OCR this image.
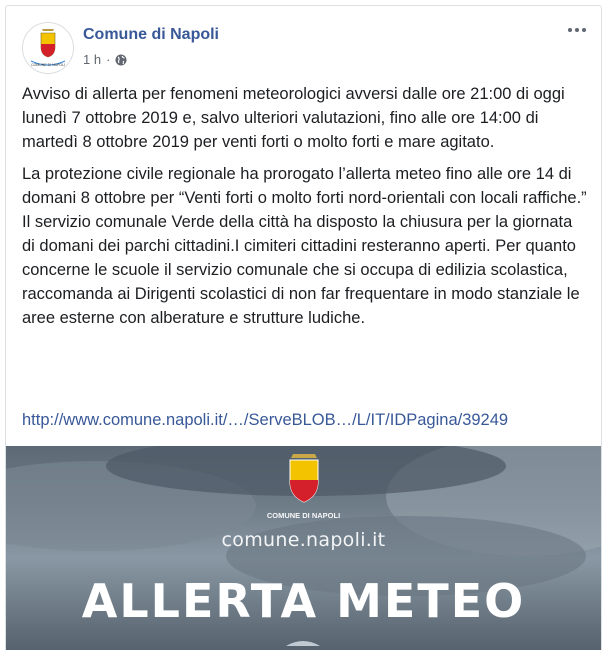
COMUNE DI NAPOLI
Comune di Napoli
1 h ·

Avviso di allerta per fenomeni meteorologici avversi dalle ore 21:00 di oggi lunedì 7 ottobre 2019 e, salvo ulteriori valutazioni, fino alle ore 14:00 di martedì 8 ottobre 2019 per venti forti o molto forti e mare agitato.

La protezione civile regionale ha prorogato l’allerta meteo fino alle ore 14 di domani 8 ottobre per “Venti forti o molto forti nord-orientali con locali raffiche.”

Il servizio comunale Verde della città ha disposto la chiusura per la giornata di domani dei parchi cittadini.I cimiteri cittadini resteranno aperti. Per quanto concerne le scuole il servizio comunale che si occupa di edilizia scolastica, raccomanda ai Dirigenti scolastici di non far frequentare in modo stanziale le aree esterne con alberature e strutture ludiche.

http://www.comune.napoli.it/…/ServeBLOB…/L/IT/IDPagina/39249
COMUNE DI NAPOLI
comune.napoli.it
ALLERTA METEO
